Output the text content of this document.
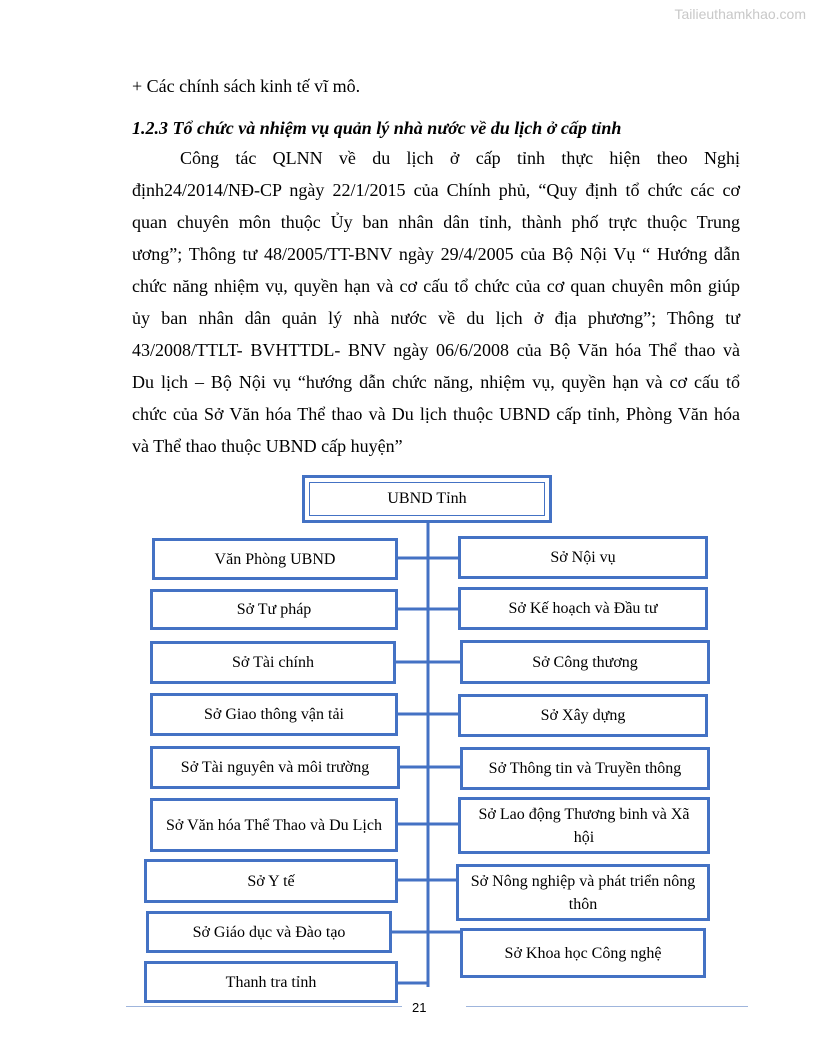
Tailieuthamkhao.com
+ Các chính sách kinh tế vĩ mô.
1.2.3 Tổ chức và nhiệm vụ quản lý nhà nước về du lịch ở cấp tỉnh
Công tác QLNN về du lịch ở cấp tỉnh thực hiện theo Nghị
định24/2014/NĐ-CP ngày 22/1/2015 của Chính phủ, “Quy định tổ chức các cơ
quan chuyên môn thuộc Ủy ban nhân dân tỉnh, thành phố trực thuộc Trung
ương”; Thông tư 48/2005/TT-BNV ngày 29/4/2005 của Bộ Nội Vụ “ Hướng dẫn
chức năng nhiệm vụ, quyền hạn và cơ cấu tổ chức của cơ quan chuyên môn giúp
ủy ban nhân dân quản lý nhà nước về du lịch ở địa phương”; Thông tư
43/2008/TTLT- BVHTTDL- BNV ngày 06/6/2008 của Bộ Văn hóa Thể thao và
Du lịch – Bộ Nội vụ “hướng dẫn chức năng, nhiệm vụ, quyền hạn và cơ cấu tổ
chức của Sở Văn hóa Thể thao và Du lịch thuộc UBND cấp tỉnh, Phòng Văn hóa
và Thể thao thuộc UBND cấp huyện”
UBND Tỉnh
Văn Phòng UBND
Sở Tư pháp
Sở Tài chính
Sở Giao thông vận tải
Sở Tài nguyên và môi trường
Sở Văn hóa Thể Thao và Du Lịch
Sở Y tế
Sở Giáo dục và Đào tạo
Thanh tra tỉnh
Sở Nội vụ
Sở Kế hoạch và Đầu tư
Sở Công thương
Sở Xây dựng
Sở Thông tin và Truyền thông
Sở Lao động Thương binh và Xã hội
Sở Nông nghiệp và phát triển nông thôn
Sở Khoa học Công nghệ
21
